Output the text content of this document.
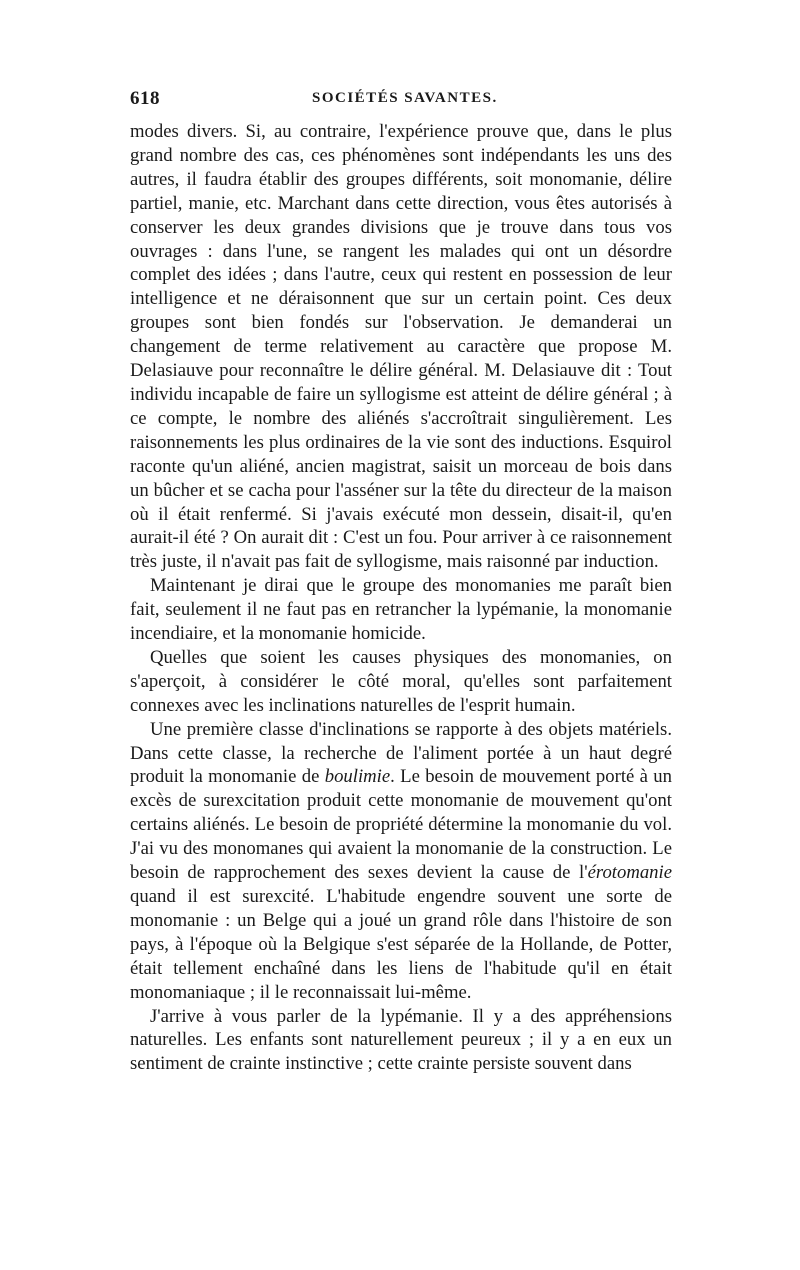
618	SOCIÉTÉS SAVANTES.

modes divers. Si, au contraire, l'expérience prouve que, dans le plus grand nombre des cas, ces phénomènes sont indépendants les uns des autres, il faudra établir des groupes différents, soit monomanie, délire partiel, manie, etc. Marchant dans cette direction, vous êtes autorisés à conserver les deux grandes divisions que je trouve dans tous vos ouvrages : dans l'une, se rangent les malades qui ont un désordre complet des idées ; dans l'autre, ceux qui restent en possession de leur intelligence et ne déraisonnent que sur un certain point. Ces deux groupes sont bien fondés sur l'observation. Je demanderai un changement de terme relativement au caractère que propose M. Delasiauve pour reconnaître le délire général. M. Delasiauve dit : Tout individu incapable de faire un syllogisme est atteint de délire général ; à ce compte, le nombre des aliénés s'accroîtrait singulièrement. Les raisonnements les plus ordinaires de la vie sont des inductions. Esquirol raconte qu'un aliéné, ancien magistrat, saisit un morceau de bois dans un bûcher et se cacha pour l'asséner sur la tête du directeur de la maison où il était renfermé. Si j'avais exécuté mon dessein, disait-il, qu'en aurait-il été ? On aurait dit : C'est un fou. Pour arriver à ce raisonnement très juste, il n'avait pas fait de syllogisme, mais raisonné par induction.

Maintenant je dirai que le groupe des monomanies me paraît bien fait, seulement il ne faut pas en retrancher la lypémanie, la monomanie incendiaire, et la monomanie homicide.

Quelles que soient les causes physiques des monomanies, on s'aperçoit, à considérer le côté moral, qu'elles sont parfaitement connexes avec les inclinations naturelles de l'esprit humain.

Une première classe d'inclinations se rapporte à des objets matériels. Dans cette classe, la recherche de l'aliment portée à un haut degré produit la monomanie de boulimie. Le besoin de mouvement porté à un excès de surexcitation produit cette monomanie de mouvement qu'ont certains aliénés. Le besoin de propriété détermine la monomanie du vol. J'ai vu des monomanes qui avaient la monomanie de la construction. Le besoin de rapprochement des sexes devient la cause de l'érotomanie quand il est surexcité. L'habitude engendre souvent une sorte de monomanie : un Belge qui a joué un grand rôle dans l'histoire de son pays, à l'époque où la Belgique s'est séparée de la Hollande, de Potter, était tellement enchaîné dans les liens de l'habitude qu'il en était monomaniaque ; il le reconnaissait lui-même.

J'arrive à vous parler de la lypémanie. Il y a des appréhensions naturelles. Les enfants sont naturellement peureux ; il y a en eux un sentiment de crainte instinctive ; cette crainte persiste souvent dans
